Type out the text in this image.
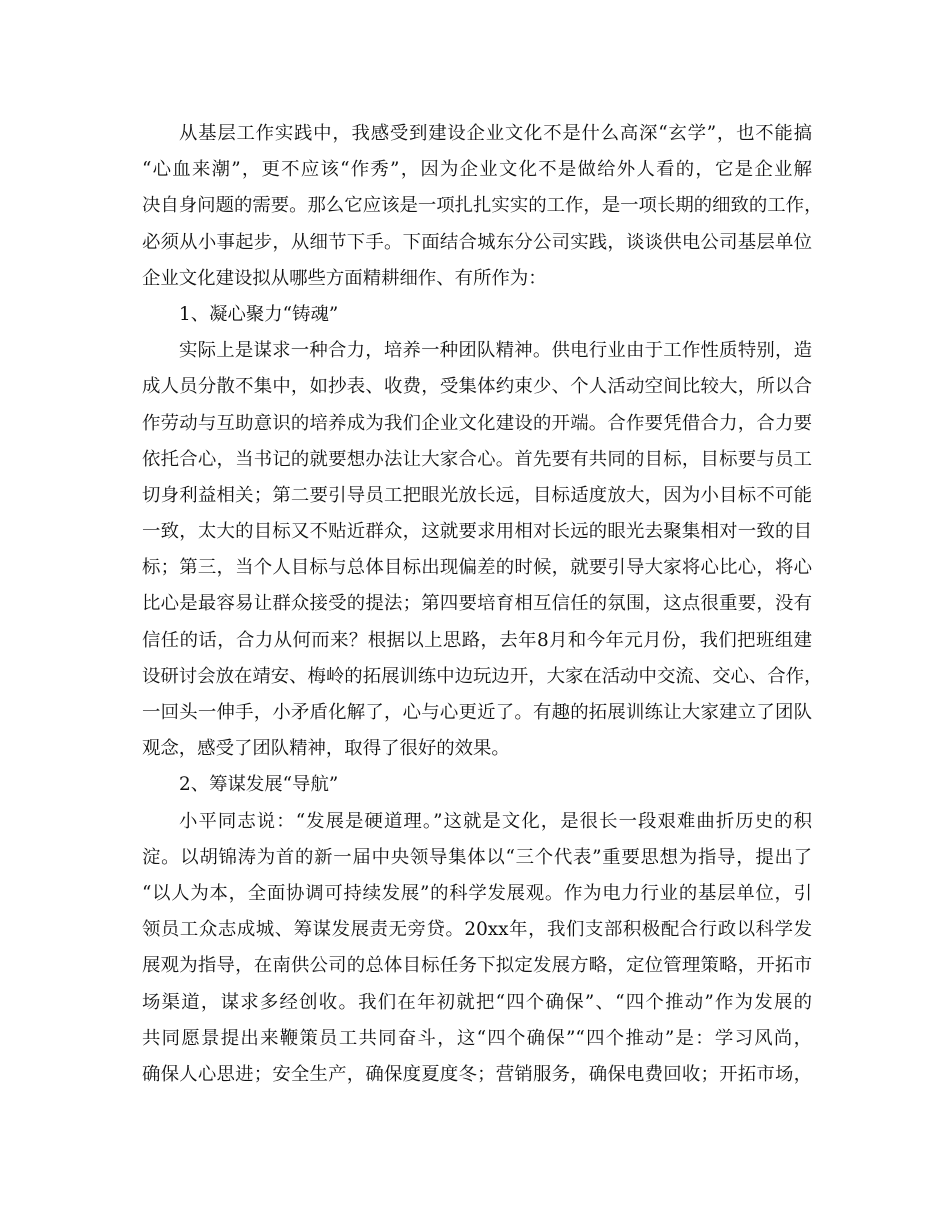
从基层工作实践中，我感受到建设企业文化不是什么高深“玄学”，也不能搞
“心血来潮”，更不应该“作秀”，因为企业文化不是做给外人看的，它是企业解
决自身问题的需要。那么它应该是一项扎扎实实的工作，是一项长期的细致的工作，
必须从小事起步，从细节下手。下面结合城东分公司实践，谈谈供电公司基层单位
企业文化建设拟从哪些方面精耕细作、有所作为：
1、凝心聚力“铸魂”
实际上是谋求一种合力，培养一种团队精神。供电行业由于工作性质特别，造
成人员分散不集中，如抄表、收费，受集体约束少、个人活动空间比较大，所以合
作劳动与互助意识的培养成为我们企业文化建设的开端。合作要凭借合力，合力要
依托合心，当书记的就要想办法让大家合心。首先要有共同的目标，目标要与员工
切身利益相关；第二要引导员工把眼光放长远，目标适度放大，因为小目标不可能
一致，太大的目标又不贴近群众，这就要求用相对长远的眼光去聚集相对一致的目
标；第三，当个人目标与总体目标出现偏差的时候，就要引导大家将心比心，将心
比心是最容易让群众接受的提法；第四要培育相互信任的氛围，这点很重要，没有
信任的话，合力从何而来？根据以上思路，去年8月和今年元月份，我们把班组建
设研讨会放在靖安、梅岭的拓展训练中边玩边开，大家在活动中交流、交心、合作，
一回头一伸手，小矛盾化解了，心与心更近了。有趣的拓展训练让大家建立了团队
观念，感受了团队精神，取得了很好的效果。
2、筹谋发展“导航”
小平同志说：“发展是硬道理。”这就是文化，是很长一段艰难曲折历史的积
淀。以胡锦涛为首的新一届中央领导集体以“三个代表”重要思想为指导，提出了
“以人为本，全面协调可持续发展”的科学发展观。作为电力行业的基层单位，引
领员工众志成城、筹谋发展责无旁贷。20xx年，我们支部积极配合行政以科学发
展观为指导，在南供公司的总体目标任务下拟定发展方略，定位管理策略，开拓市
场渠道，谋求多经创收。我们在年初就把“四个确保”、“四个推动”作为发展的
共同愿景提出来鞭策员工共同奋斗，这“四个确保”“四个推动”是：学习风尚，
确保人心思进；安全生产，确保度夏度冬；营销服务，确保电费回收；开拓市场，
